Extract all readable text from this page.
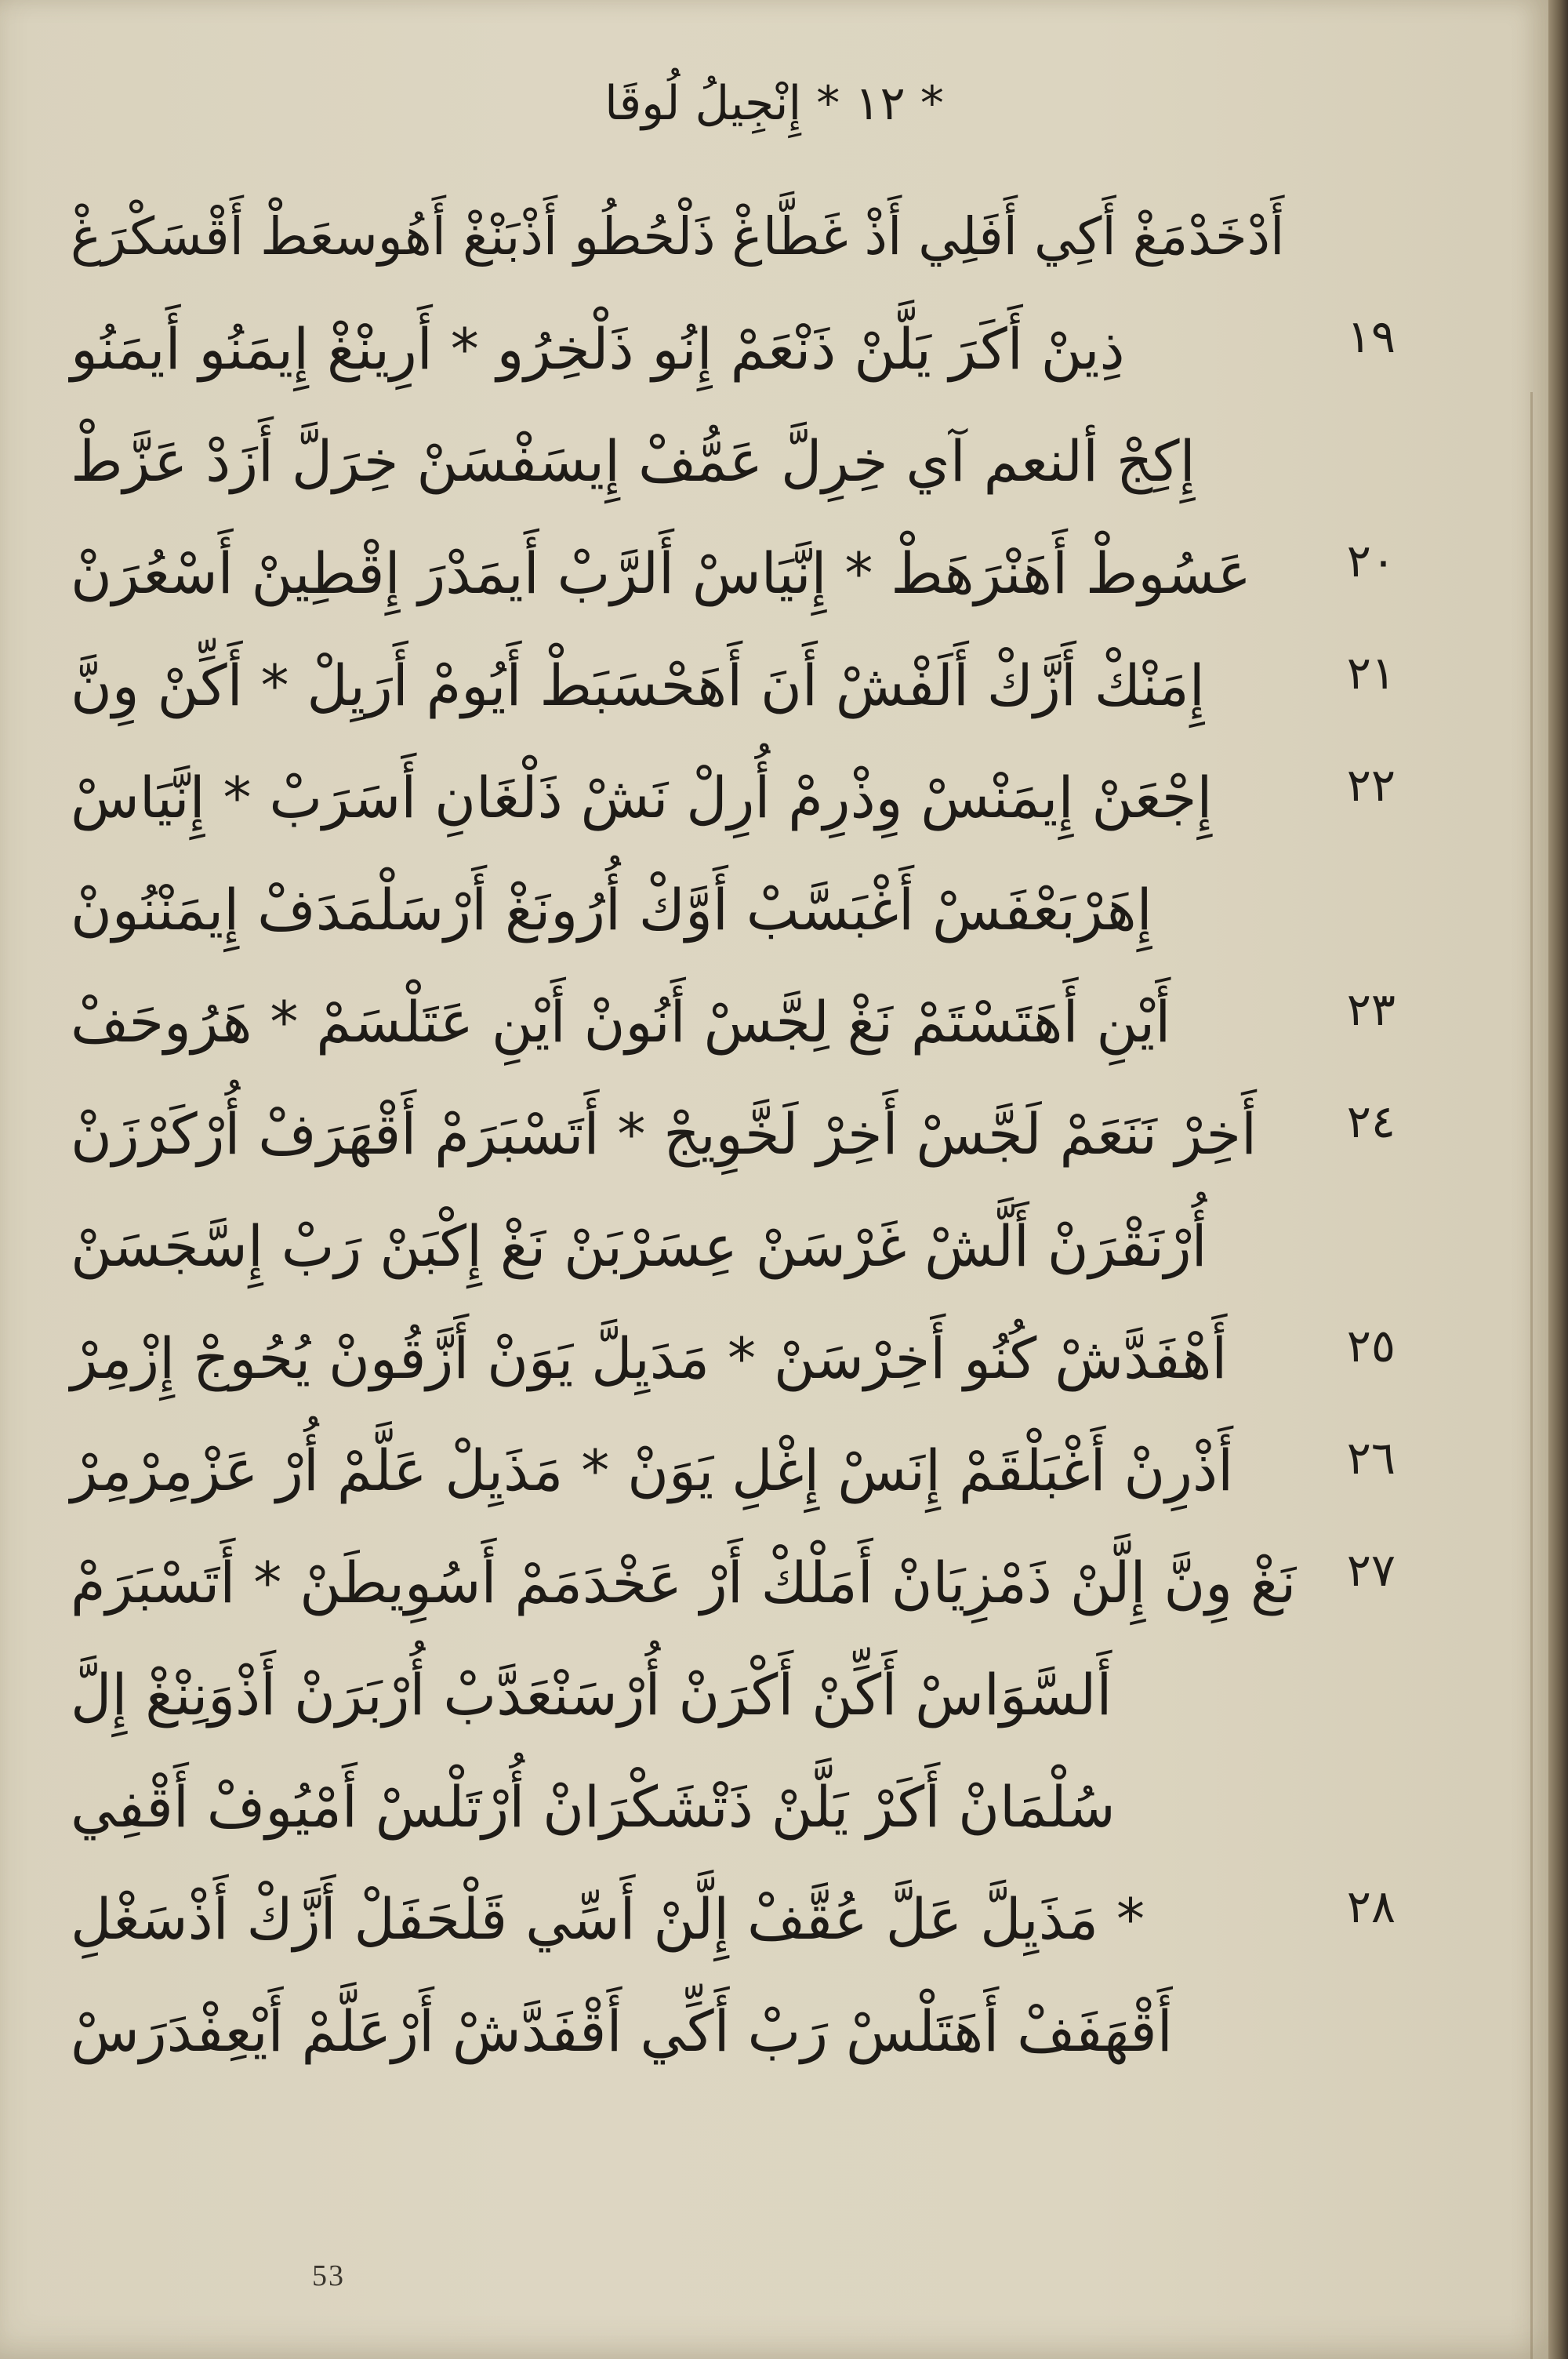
* ١٢ * إِنْجِيلُ لُوقَا
أَدْخَدْمَغْ أَكِي أَفَلِي أَذْ غَطَّاغْ ذَلْحُطُو أَذْبَنْغْ أَهُوسعَطْ أَقْسَكْرَغْ
١٩
ذِينْ أَكَرَ يَلَّنْ ذَنْعَمْ إِنُو ذَلْخِرُو * أَرِينْغْ إِيمَنُو أَيمَنُو
إِكِجْ ألنعم آي خِرِلَّ عَمُّفْ إِيسَفْسَنْ خِرَلَّ أَزَدْ عَزَّطْ
٢٠
عَسُوطْ أَهَنْرَهَطْ * إِنَّيَاسْ أَلرَّبْ أَيمَدْرَ إِقْطِينْ أَسْعُرَنْ
٢١
إِمَنْكْ أَزَّكْ أَلَفْشْ أَنَ أَهَحْسَبَطْ أَيُومْ أَرَيِلْ * أَكِّنْ وِنَّ
٢٢
إِجْعَنْ إِيمَنْسْ وِذْرِمْ أُرِلْ نَشْ ذَلْغَانِ أَسَرَبْ * إِنَّيَاسْ
إِهَرْبَعْفَسْ أَغْبَسَّبْ أَوَّكْ أُرُونَغْ أَرْسَلْمَدَفْ إِيمَنْنُونْ
٢٣
أَيْنِ أَهَتَسْتَمْ نَغْ لِجَّسْ أَنُونْ أَيْنِ عَتَلْسَمْ * هَرُوحَفْ
٢٤
أَخِرْ نَنَعَمْ لَجَّسْ أَخِرْ لَخَّوِيجْ * أَتَسْبَرَمْ أَقْهَرَفْ أُرْكَرْزَنْ
أُرْنَقْرَنْ أَلَّشْ غَرْسَنْ عِسَرْبَنْ نَغْ إِكْبَنْ رَبْ إِسَّجَسَنْ
٢٥
أَهْفَدَّشْ كُنُو أَخِرْسَنْ * مَدَيِلَّ يَوَنْ أَزَّقُونْ يُحُوجْ إِزْمِرْ
٢٦
أَذْرِنْ أَغْبَلْقَمْ إِنَسْ إِغْلِ يَوَنْ * مَذَيِلْ عَلَّمْ أُرْ عَزْمِرْمِرْ
٢٧
نَغْ وِنَّ إِلَّنْ ذَمْزِيَانْ أَمَلْكْ أَرْ عَخْدَمَمْ أَسُوِيطَنْ * أَتَسْبَرَمْ
أَلسَّوَاسْ أَكِّنْ أَكْرَنْ أُرْسَنْعَدَّبْ أُرْبَرَنْ أَذْوَنِنْغْ إِلَّ
سُلْمَانْ أَكَرْ يَلَّنْ ذَتْشَكْرَانْ أُرْتَلْسْ أَمْيُوفْ أَقْفِي
٢٨
* مَذَيِلَّ عَلَّ عُقَّفْ إِلَّنْ أَسِّي قَلْحَفَلْ أَزَّكْ أَذْسَغْلِ
أَقْهَفَفْ أَهَتَلْسْ رَبْ أَكِّي أَقْفَدَّشْ أَرْعَلَّمْ أَيْعِفْدَرَسْ
53
